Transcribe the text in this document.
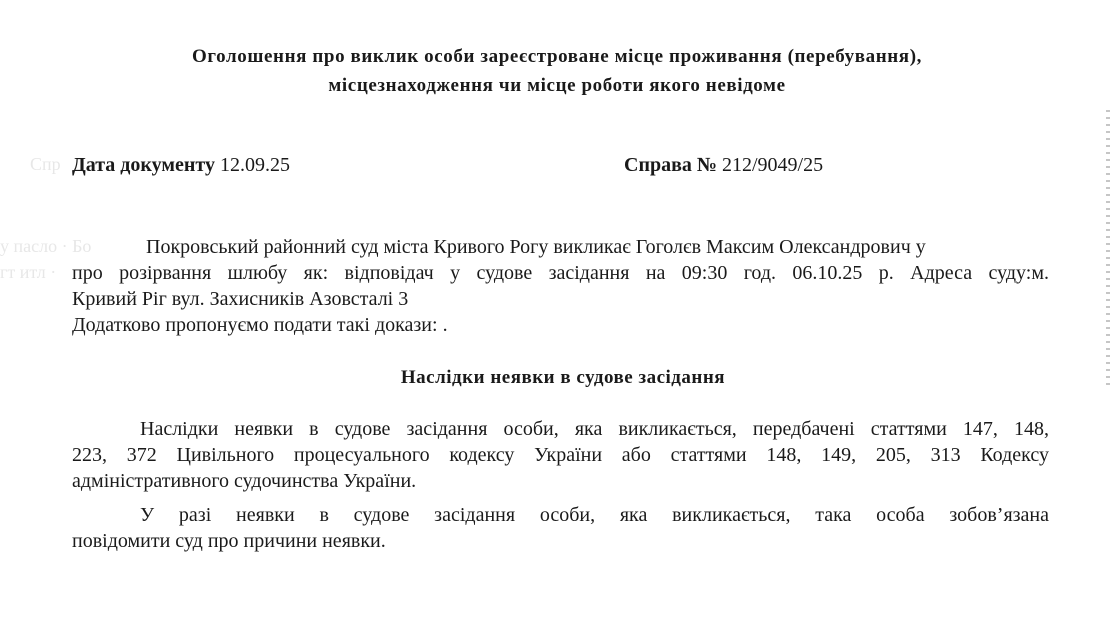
Спр
у пасло · Бо
гт итл ·
Оголошення про виклик особи зареєстроване місце проживання (перебування),
місцезнаходження чи місце роботи якого невідоме
Дата документу 12.09.25	Справа № 212/9049/25
Покровський районний суд міста Кривого Рогу викликає Гоголєв Максим Олександрович у
про розірвання шлюбу як: відповідач у судове засідання на 09:30 год. 06.10.25 р. Адреса суду:м.
Кривий Ріг вул. Захисників Азовсталі 3
Додатково пропонуємо подати такі докази: .
Наслідки неявки в судове засідання
Наслідки неявки в судове засідання особи, яка викликається, передбачені статтями 147, 148,
223, 372 Цивільного процесуального кодексу України або статтями 148, 149, 205, 313 Кодексу
адміністративного судочинства України.
У разі неявки в судове засідання особи, яка викликається, така особа зобов’язана
повідомити суд про причини неявки.
